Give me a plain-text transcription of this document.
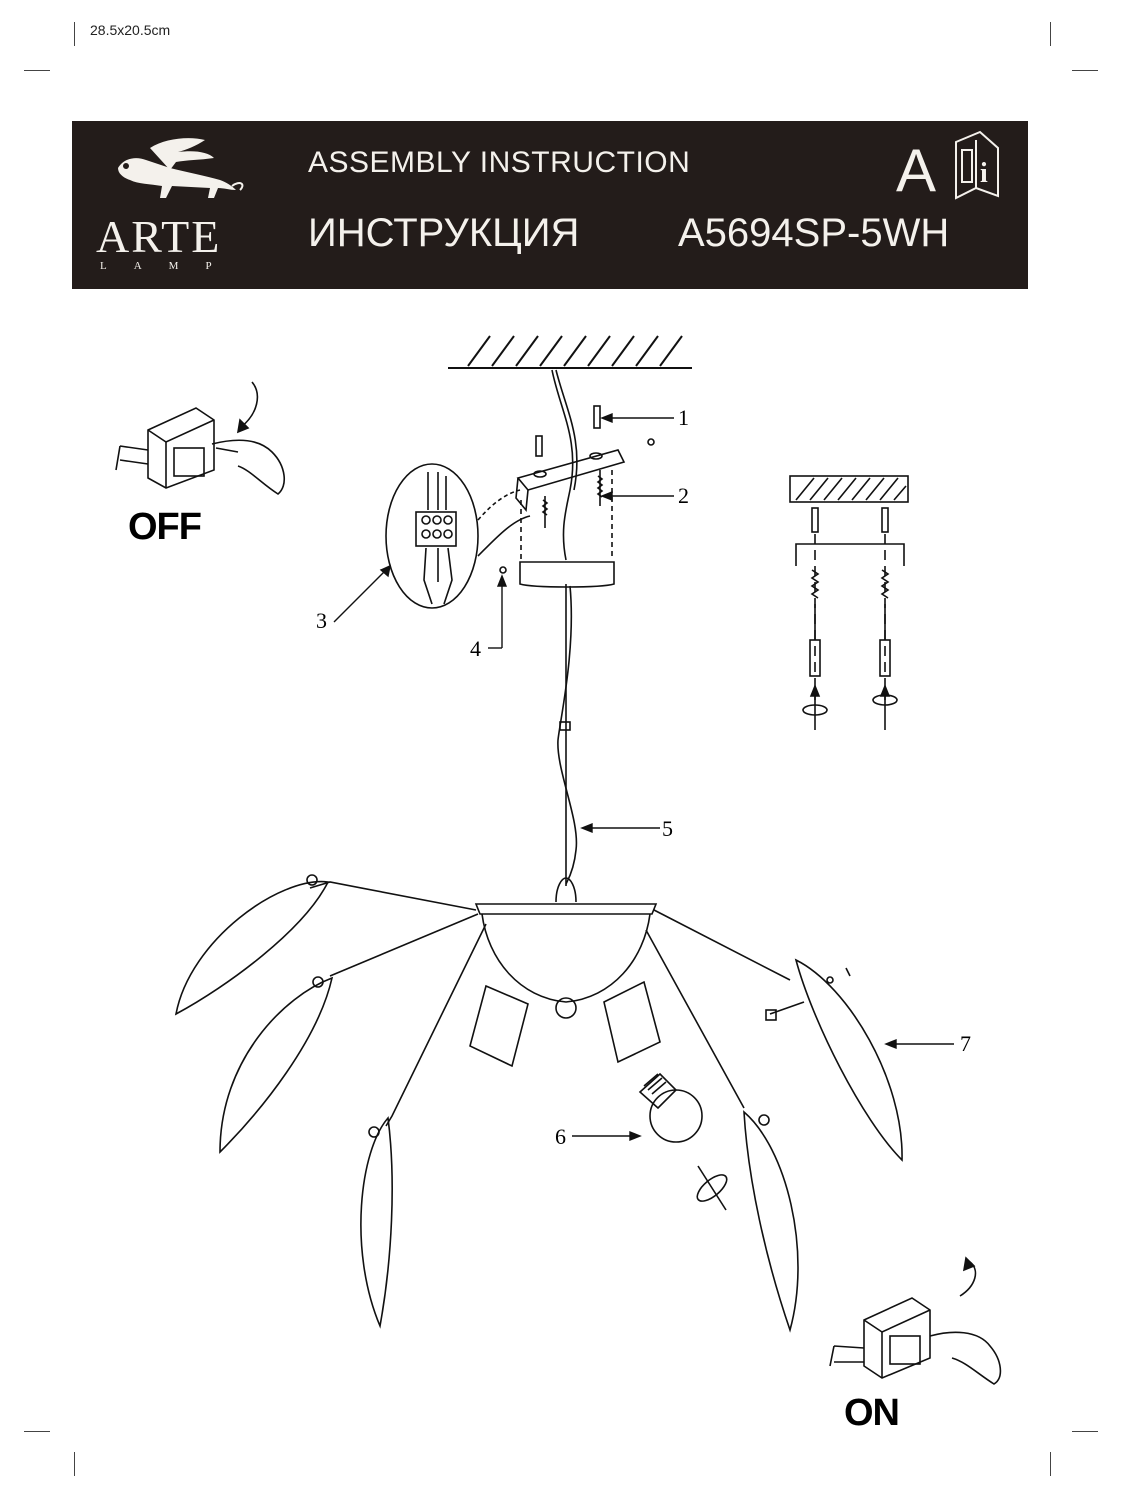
28.5x20.5cm
i
ARTE
LAMP
ASSEMBLY INSTRUCTION
ИНСТРУКЦИЯ A5694SP-5WH
A
OFF
ON
1
2
3
4
5
6
7
